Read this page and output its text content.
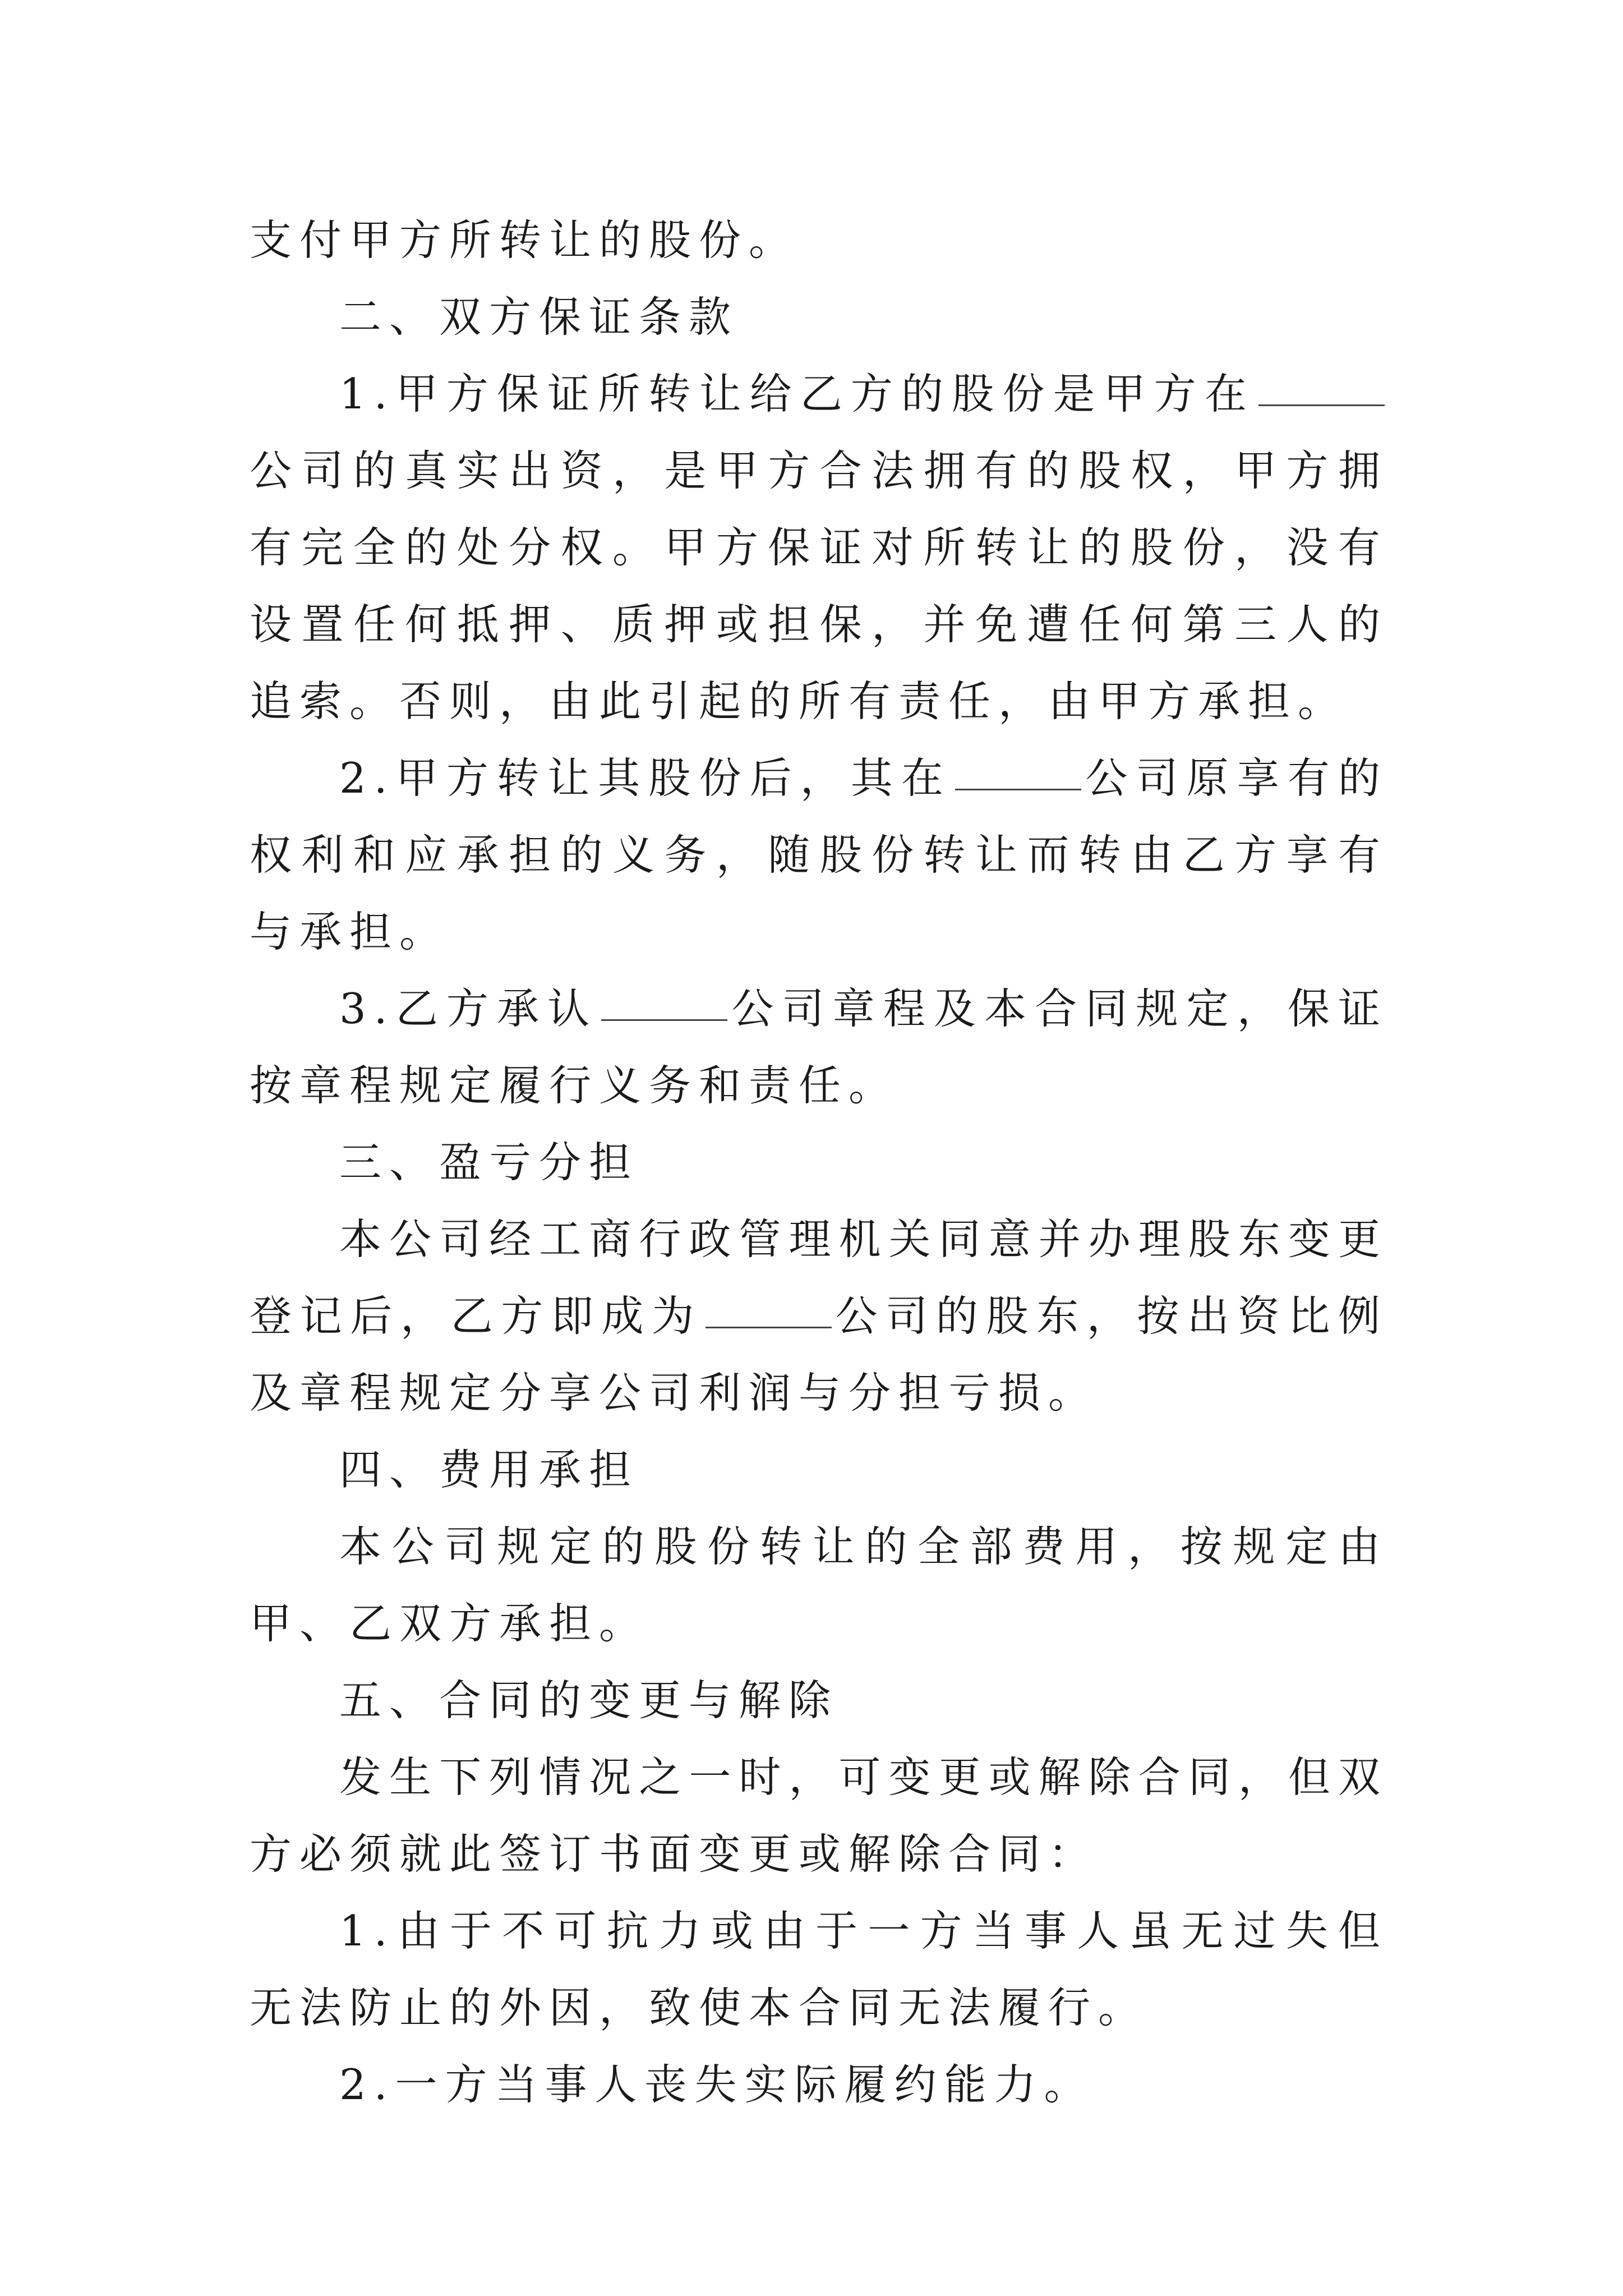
支付甲方所转让的股份。

二、双方保证条款

1.甲方保证所转让给乙方的股份是甲方在公司的真实出资，是甲方合法拥有的股权，甲方拥有完全的处分权。甲方保证对所转让的股份，没有设置任何抵押、质押或担保，并免遭任何第三人的追索。否则，由此引起的所有责任，由甲方承担。

2.甲方转让其股份后，其在	公司原享有的权利和应承担的义务，随股份转让而转由乙方享有与承担。

3.乙方承认	公司章程及本合同规定，保证按章程规定履行义务和责任。

三、盈亏分担

本公司经工商行政管理机关同意并办理股东变更登记后，乙方即成为	公司的股东，按出资比例及章程规定分享公司利润与分担亏损。

四、费用承担

本公司规定的股份转让的全部费用，按规定由甲、乙双方承担。

五、合同的变更与解除

发生下列情况之一时，可变更或解除合同，但双方必须就此签订书面变更或解除合同：

1.由于不可抗力或由于一方当事人虽无过失但无法防止的外因，致使本合同无法履行。

2.一方当事人丧失实际履约能力。
